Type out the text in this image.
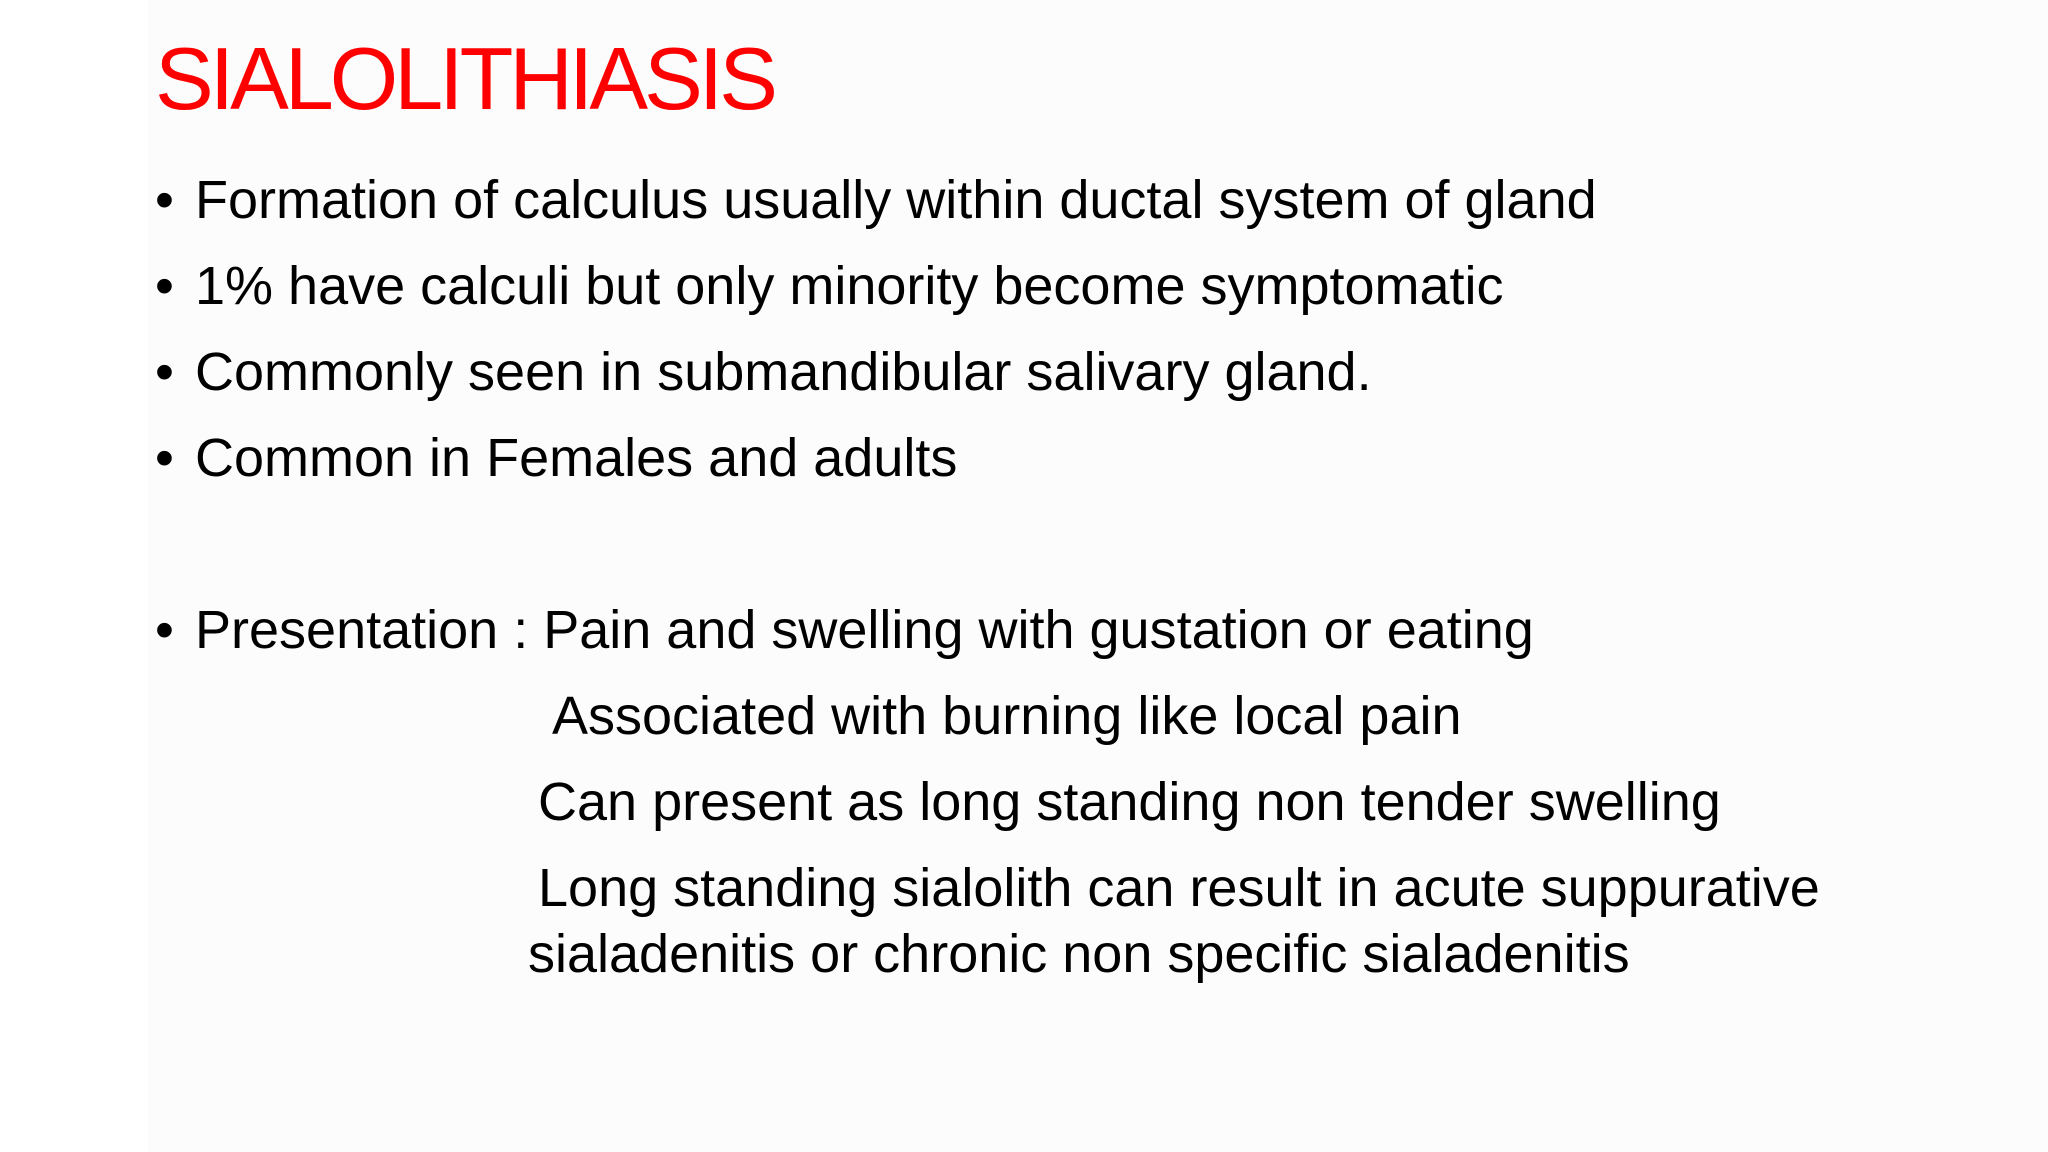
SIALOLITHIASIS
• Formation of calculus usually within ductal system of gland
• 1% have calculi but only minority become symptomatic
• Commonly seen in submandibular salivary gland.
• Common in Females and adults
• Presentation : Pain and swelling with gustation or eating
Associated with burning like local pain
Can present as long standing non tender swelling
Long standing sialolith can result in acute suppurative
sialadenitis or chronic non specific sialadenitis
